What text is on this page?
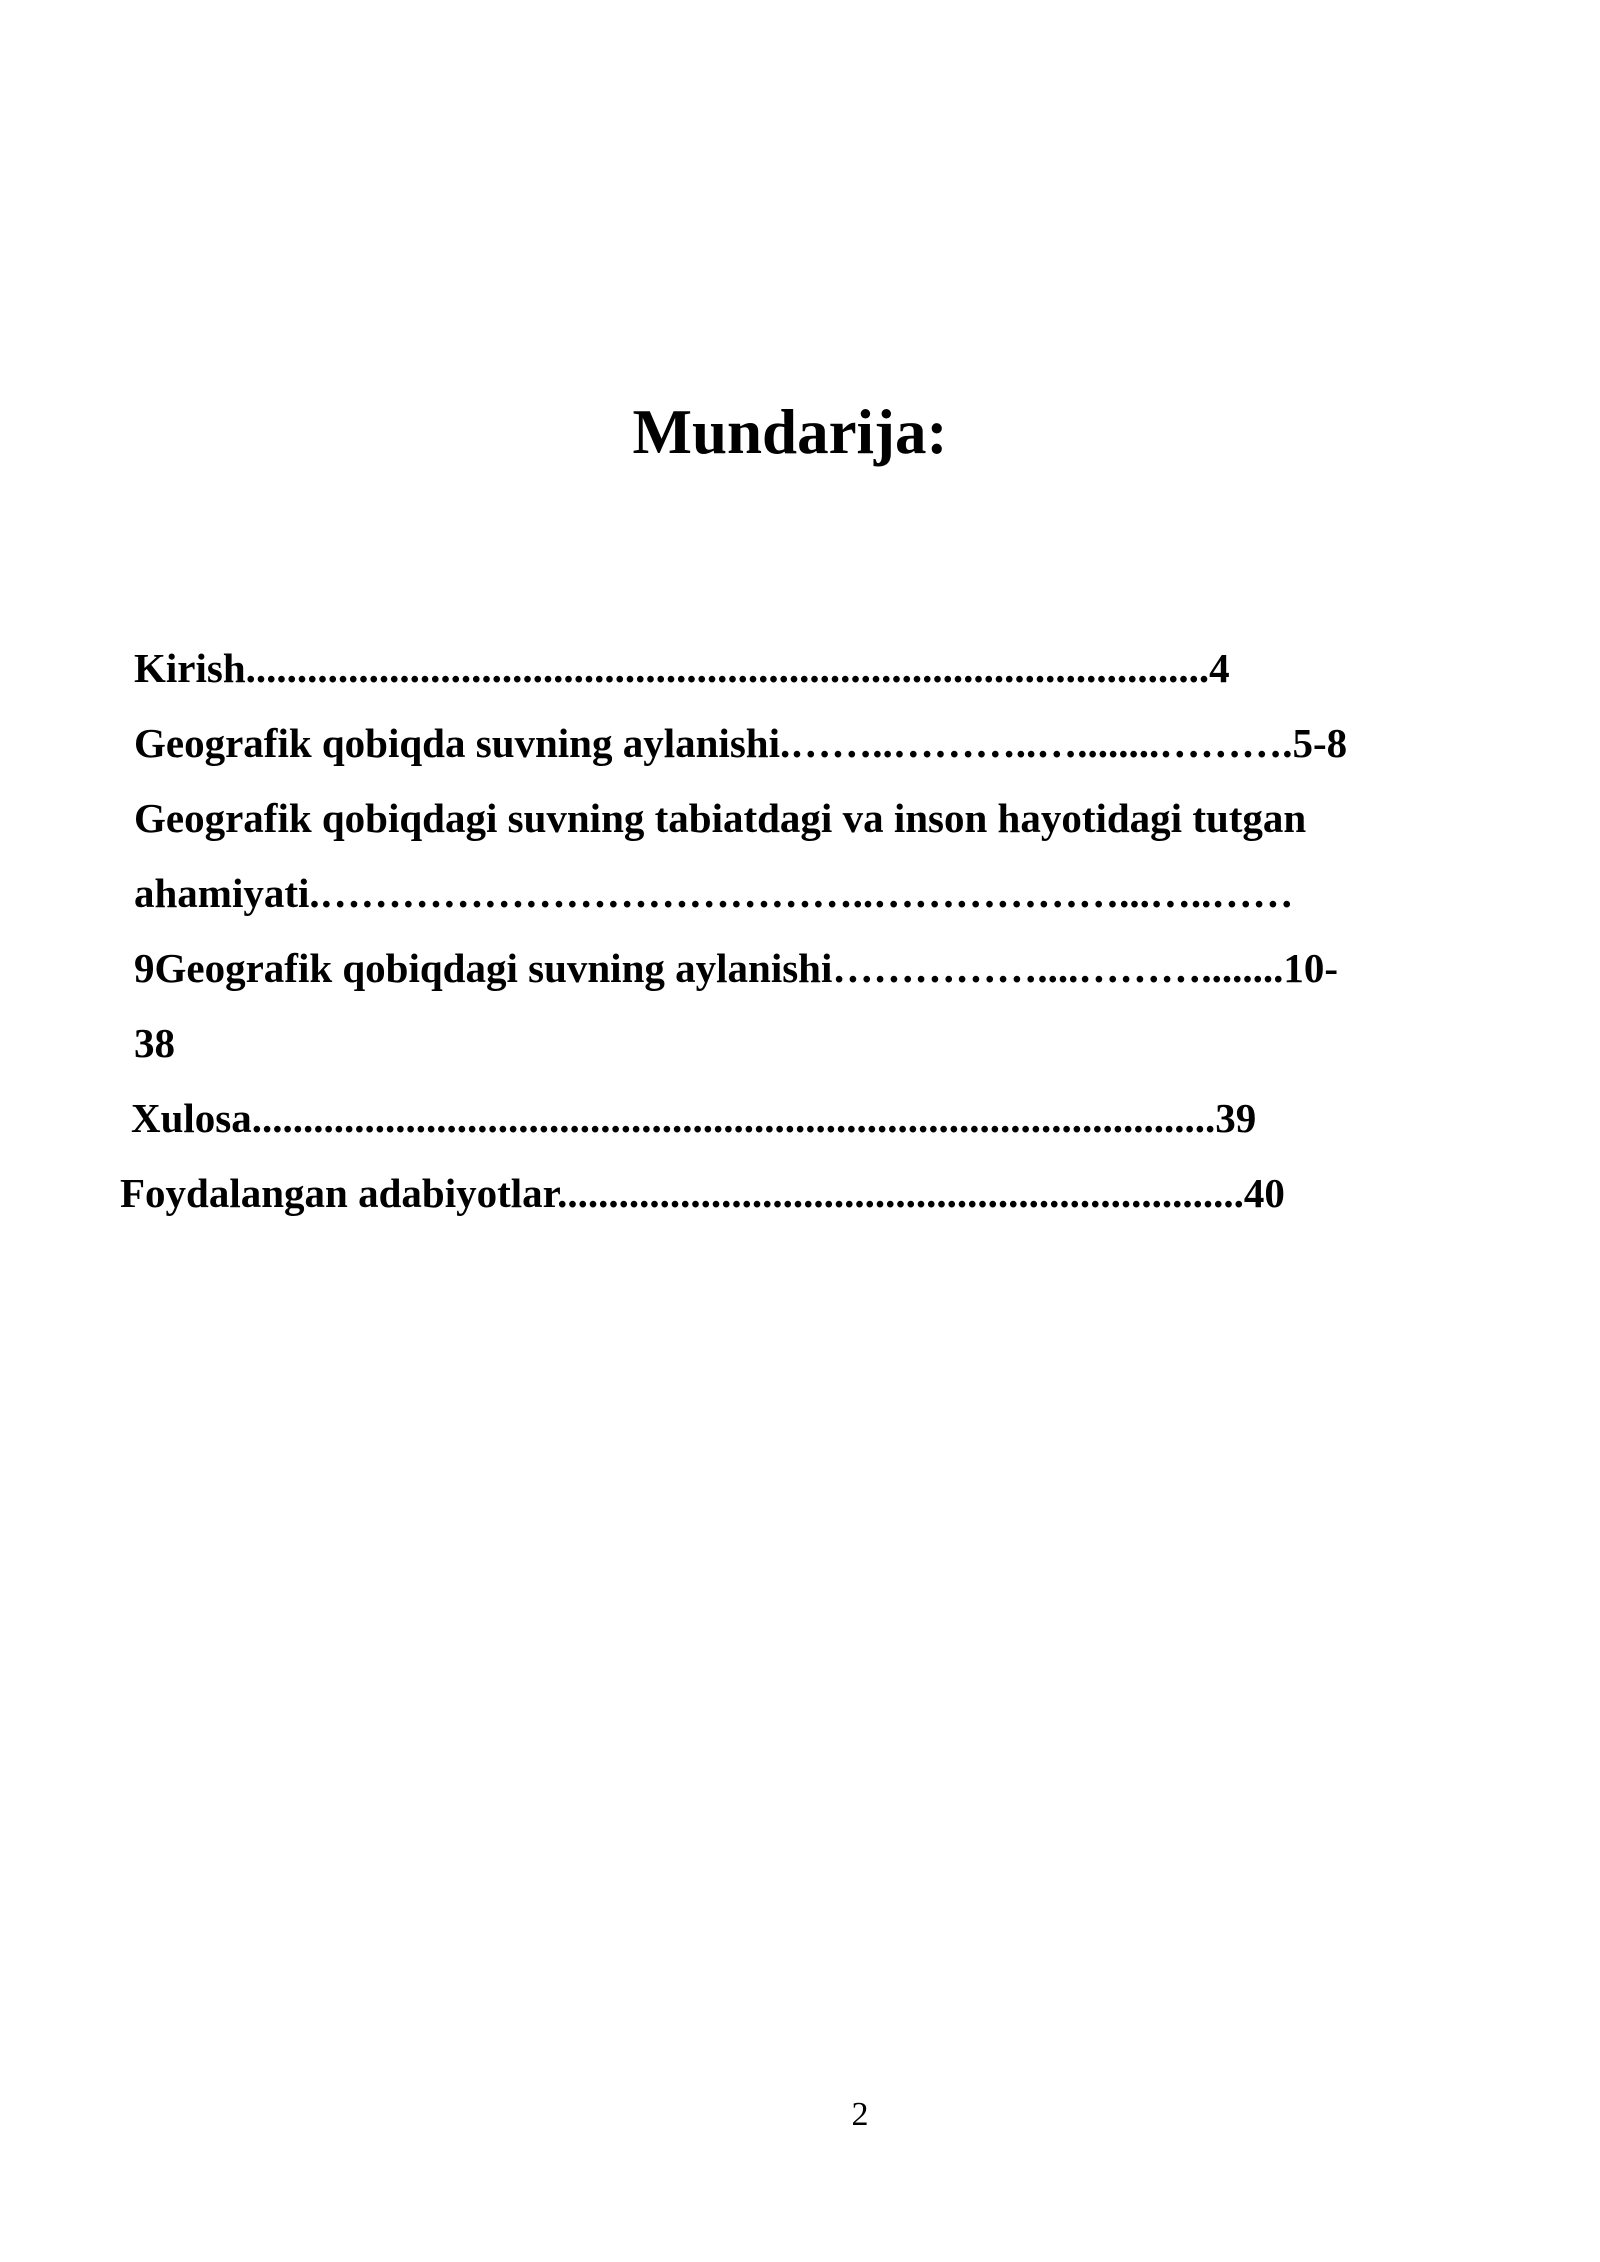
Mundarija:
Kirish..............................................................................................4
Geografik qobiqda suvning aylanishi.……..………..…........……….5-8
Geografik qobiqdagi suvning tabiatdagi va inson hayotidagi tutgan
ahamiyati.…………………………………..………………...…..……
9Geografik qobiqdagi suvning aylanishi……………....………........10-
38
Xulosa..............................................................................................39
Foydalangan adabiyotlar...................................................................40
2
